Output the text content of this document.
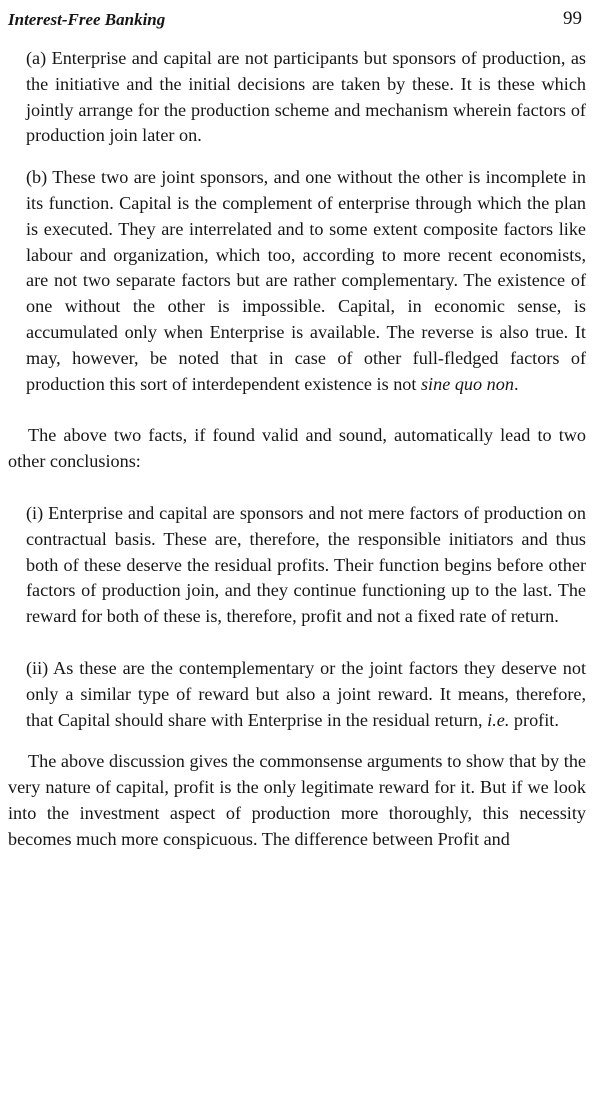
Interest-Free Banking	99

(a) Enterprise and capital are not participants but sponsors of production, as the initiative and the initial decisions are taken by these. It is these which jointly arrange for the production scheme and mechanism wherein factors of production join later on.

(b) These two are joint sponsors, and one without the other is incomplete in its function. Capital is the complement of enterprise through which the plan is executed. They are interrelated and to some extent composite factors like labour and organization, which too, according to more recent economists, are not two separate factors but are rather complementary. The existence of one without the other is impossible. Capital, in economic sense, is accumulated only when Enterprise is available. The reverse is also true. It may, however, be noted that in case of other full-fledged factors of production this sort of interdependent existence is not sine quo non.

The above two facts, if found valid and sound, automatically lead to two other conclusions:

(i) Enterprise and capital are sponsors and not mere factors of production on contractual basis. These are, therefore, the responsible initiators and thus both of these deserve the residual profits. Their function begins before other factors of production join, and they continue functioning up to the last. The reward for both of these is, therefore, profit and not a fixed rate of return.

(ii) As these are the contemplementary or the joint factors they deserve not only a similar type of reward but also a joint reward. It means, therefore, that Capital should share with Enterprise in the residual return, i.e. profit.

The above discussion gives the commonsense arguments to show that by the very nature of capital, profit is the only legitimate reward for it. But if we look into the investment aspect of production more thoroughly, this necessity becomes much more conspicuous. The difference between Profit and
